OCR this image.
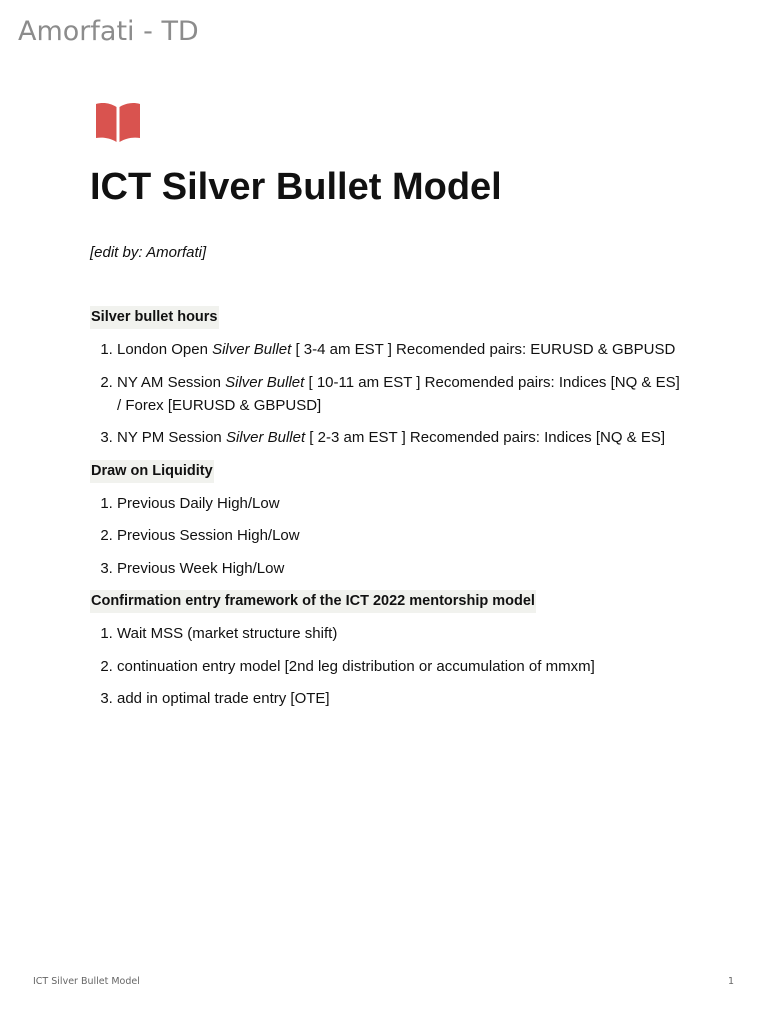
Amorfati - TD
ICT Silver Bullet Model
[edit by: Amorfati]
Silver bullet hours
1. London Open Silver Bullet [ 3-4 am EST ] Recomended pairs: EURUSD & GBPUSD
2. NY AM Session Silver Bullet [ 10-11 am EST ] Recomended pairs: Indices [NQ & ES] / Forex [EURUSD & GBPUSD]
3. NY PM Session Silver Bullet [ 2-3 am EST ] Recomended pairs: Indices [NQ & ES]
Draw on Liquidity
1. Previous Daily High/Low
2. Previous Session High/Low
3. Previous Week High/Low
Confirmation entry framework of the ICT 2022 mentorship model
1. Wait MSS (market structure shift)
2. continuation entry model [2nd leg distribution or accumulation of mmxm]
3. add in optimal trade entry [OTE]
ICT Silver Bullet Model	1
